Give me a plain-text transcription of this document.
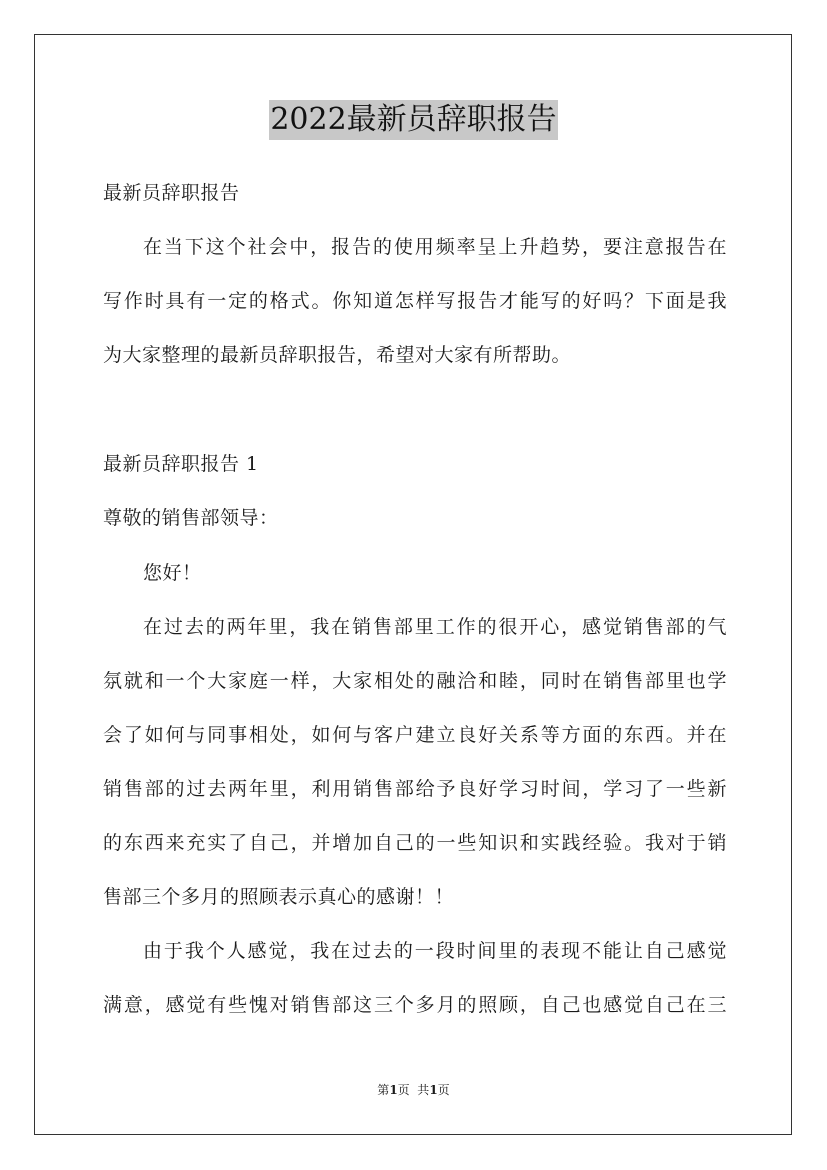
2022最新员辞职报告
最新员辞职报告
在当下这个社会中，报告的使用频率呈上升趋势，要注意报告在
写作时具有一定的格式。你知道怎样写报告才能写的好吗？下面是我
为大家整理的最新员辞职报告，希望对大家有所帮助。
最新员辞职报告 1
尊敬的销售部领导：
您好！
在过去的两年里，我在销售部里工作的很开心，感觉销售部的气
氛就和一个大家庭一样，大家相处的融洽和睦，同时在销售部里也学
会了如何与同事相处，如何与客户建立良好关系等方面的东西。并在
销售部的过去两年里，利用销售部给予良好学习时间，学习了一些新
的东西来充实了自己，并增加自己的一些知识和实践经验。我对于销
售部三个多月的照顾表示真心的感谢！！
由于我个人感觉，我在过去的一段时间里的表现不能让自己感觉
满意，感觉有些愧对销售部这三个多月的照顾，自己也感觉自己在三
第1页  共1页
